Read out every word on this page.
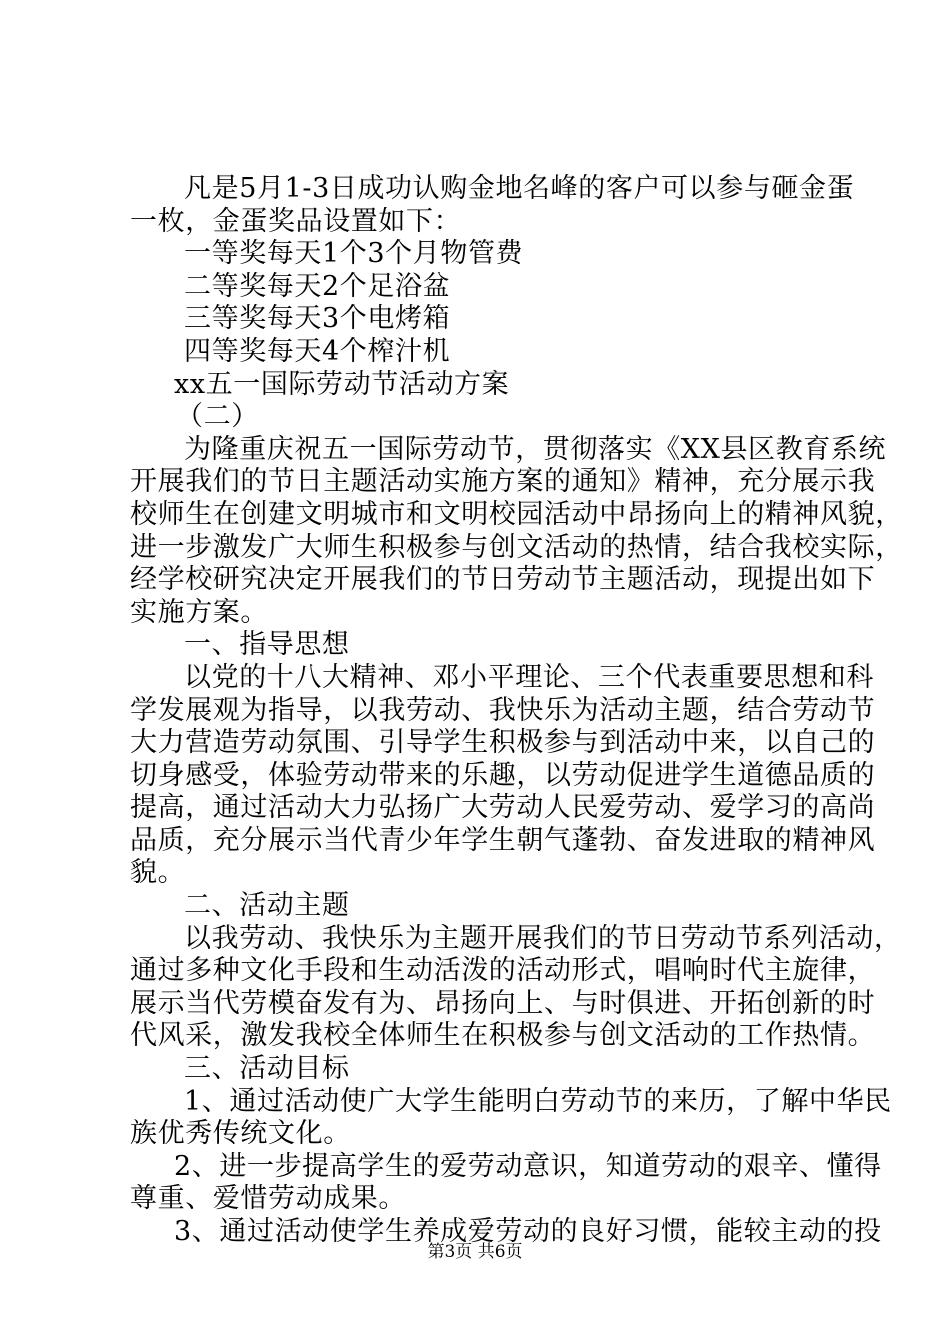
凡是5月1-3日成功认购金地名峰的客户可以参与砸金蛋
一枚，金蛋奖品设置如下：
一等奖每天1个3个月物管费
二等奖每天2个足浴盆
三等奖每天3个电烤箱
四等奖每天4个榨汁机
xx五一国际劳动节活动方案
（二）
为隆重庆祝五一国际劳动节，贯彻落实《XX县区教育系统
开展我们的节日主题活动实施方案的通知》精神，充分展示我
校师生在创建文明城市和文明校园活动中昂扬向上的精神风貌，
进一步激发广大师生积极参与创文活动的热情，结合我校实际，
经学校研究决定开展我们的节日劳动节主题活动，现提出如下
实施方案。
一、指导思想
以党的十八大精神、邓小平理论、三个代表重要思想和科
学发展观为指导，以我劳动、我快乐为活动主题，结合劳动节
大力营造劳动氛围、引导学生积极参与到活动中来，以自己的
切身感受，体验劳动带来的乐趣，以劳动促进学生道德品质的
提高，通过活动大力弘扬广大劳动人民爱劳动、爱学习的高尚
品质，充分展示当代青少年学生朝气蓬勃、奋发进取的精神风
貌。
二、活动主题
以我劳动、我快乐为主题开展我们的节日劳动节系列活动，
通过多种文化手段和生动活泼的活动形式，唱响时代主旋律，
展示当代劳模奋发有为、昂扬向上、与时俱进、开拓创新的时
代风采，激发我校全体师生在积极参与创文活动的工作热情。
三、活动目标
1、通过活动使广大学生能明白劳动节的来历，了解中华民
族优秀传统文化。
2、进一步提高学生的爱劳动意识，知道劳动的艰辛、懂得
尊重、爱惜劳动成果。
3、通过活动使学生养成爱劳动的良好习惯，能较主动的投
第3页 共6页
